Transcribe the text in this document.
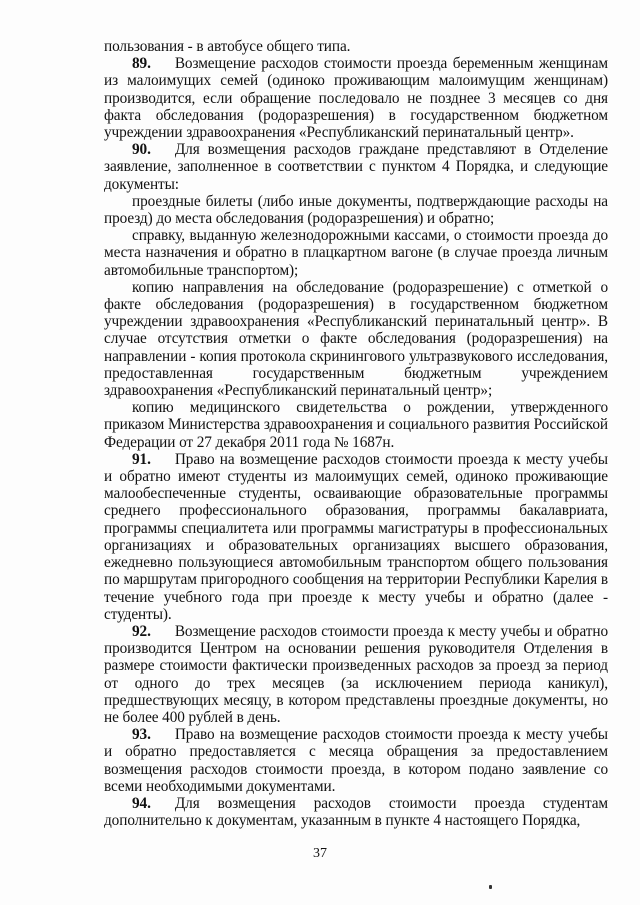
пользования - в автобусе общего типа.

89. Возмещение расходов стоимости проезда беременным женщинам из малоимущих семей (одиноко проживающим малоимущим женщинам) производится, если обращение последовало не позднее 3 месяцев со дня факта обследования (родоразрешения) в государственном бюджетном учреждении здравоохранения «Республиканский перинатальный центр».

90. Для возмещения расходов граждане представляют в Отделение заявление, заполненное в соответствии с пунктом 4 Порядка, и следующие документы:

проездные билеты (либо иные документы, подтверждающие расходы на проезд) до места обследования (родоразрешения) и обратно;

справку, выданную железнодорожными кассами, о стоимости проезда до места назначения и обратно в плацкартном вагоне (в случае проезда личным автомобильные транспортом);

копию направления на обследование (родоразрешение) с отметкой о факте обследования (родоразрешения) в государственном бюджетном учреждении здравоохранения «Республиканский перинатальный центр». В случае отсутствия отметки о факте обследования (родоразрешения) на направлении - копия протокола скринингового ультразвукового исследования, предоставленная государственным бюджетным учреждением здравоохранения «Республиканский перинатальный центр»;

копию медицинского свидетельства о рождении, утвержденного приказом Министерства здравоохранения и социального развития Российской Федерации от 27 декабря 2011 года № 1687н.

91. Право на возмещение расходов стоимости проезда к месту учебы и обратно имеют студенты из малоимущих семей, одиноко проживающие малообеспеченные студенты, осваивающие образовательные программы среднего профессионального образования, программы бакалавриата, программы специалитета или программы магистратуры в профессиональных организациях и образовательных организациях высшего образования, ежедневно пользующиеся автомобильным транспортом общего пользования по маршрутам пригородного сообщения на территории Республики Карелия в течение учебного года при проезде к месту учебы и обратно (далее - студенты).

92. Возмещение расходов стоимости проезда к месту учебы и обратно производится Центром на основании решения руководителя Отделения в размере стоимости фактически произведенных расходов за проезд за период от одного до трех месяцев (за исключением периода каникул), предшествующих месяцу, в котором представлены проездные документы, но не более 400 рублей в день.

93. Право на возмещение расходов стоимости проезда к месту учебы и обратно предоставляется с месяца обращения за предоставлением возмещения расходов стоимости проезда, в котором подано заявление со всеми необходимыми документами.

94. Для возмещения расходов стоимости проезда студентам дополнительно к документам, указанным в пункте 4 настоящего Порядка,

37
